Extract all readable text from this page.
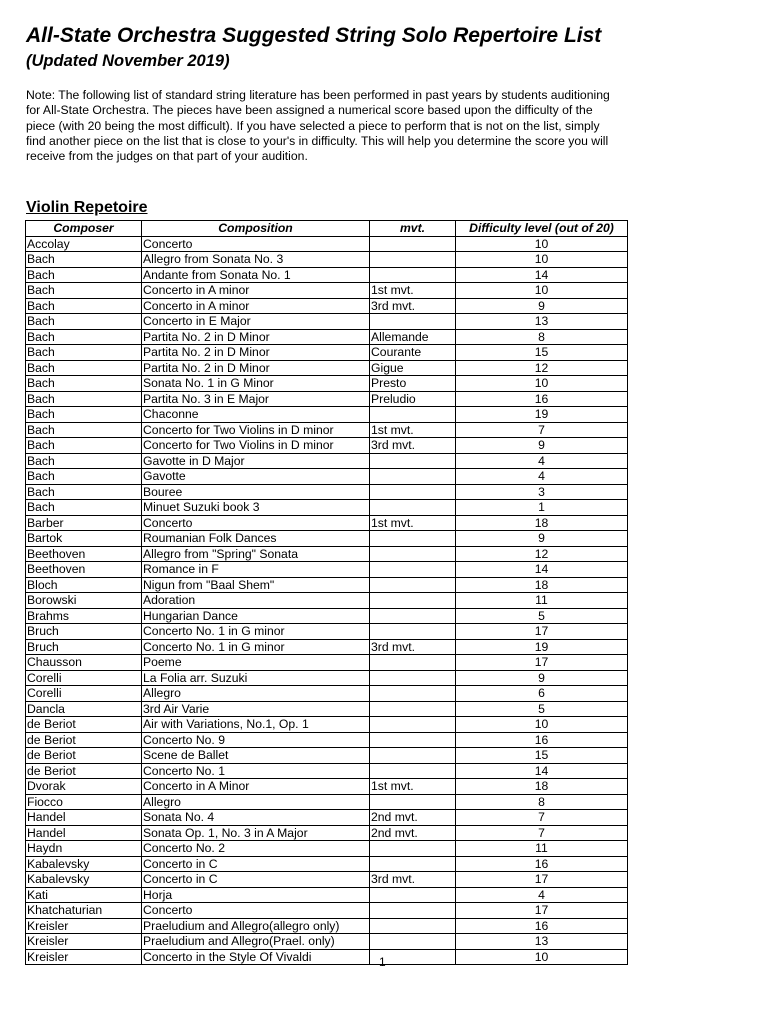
All-State Orchestra Suggested String Solo Repertoire List
(Updated November 2019)

Note: The following list of standard string literature has been performed in past years by students auditioning for All-State Orchestra. The pieces have been assigned a numerical score based upon the difficulty of the piece (with 20 being the most difficult). If you have selected a piece to perform that is not on the list, simply find another piece on the list that is close to your's in difficulty. This will help you determine the score you will receive from the judges on that part of your audition.

Violin Repetoire
Composer	Composition	mvt.	Difficulty level (out of 20)
Accolay	Concerto		10
Bach	Allegro from Sonata No. 3		10
Bach	Andante from Sonata No. 1		14
Bach	Concerto in A minor	1st mvt.	10
Bach	Concerto in A minor	3rd mvt.	9
Bach	Concerto in E Major		13
Bach	Partita No. 2 in D Minor	Allemande	8
Bach	Partita No. 2 in D Minor	Courante	15
Bach	Partita No. 2 in D Minor	Gigue	12
Bach	Sonata No. 1 in G Minor	Presto	10
Bach	Partita No. 3 in E Major	Preludio	16
Bach	Chaconne		19
Bach	Concerto for Two Violins in D minor	1st mvt.	7
Bach	Concerto for Two Violins in D minor	3rd mvt.	9
Bach	Gavotte in D Major		4
Bach	Gavotte		4
Bach	Bouree		3
Bach	Minuet Suzuki book 3		1
Barber	Concerto	1st mvt.	18
Bartok	Roumanian Folk Dances		9
Beethoven	Allegro from "Spring" Sonata		12
Beethoven	Romance in F		14
Bloch	Nigun from "Baal Shem"		18
Borowski	Adoration		11
Brahms	Hungarian Dance		5
Bruch	Concerto No. 1 in G minor		17
Bruch	Concerto No. 1 in G minor	3rd mvt.	19
Chausson	Poeme		17
Corelli	La Folia arr. Suzuki		9
Corelli	Allegro		6
Dancla	3rd Air Varie		5
de Beriot	Air with Variations, No.1, Op. 1		10
de Beriot	Concerto No. 9		16
de Beriot	Scene de Ballet		15
de Beriot	Concerto No. 1		14
Dvorak	Concerto in A Minor	1st mvt.	18
Fiocco	Allegro		8
Handel	Sonata No. 4	2nd mvt.	7
Handel	Sonata Op. 1, No. 3 in A Major	2nd mvt.	7
Haydn	Concerto No. 2		11
Kabalevsky	Concerto in C		16
Kabalevsky	Concerto in C	3rd mvt.	17
Kati	Horja		4
Khatchaturian	Concerto		17
Kreisler	Praeludium and Allegro(allegro only)		16
Kreisler	Praeludium and Allegro(Prael. only)		13
Kreisler	Concerto in the Style Of Vivaldi		10

1
